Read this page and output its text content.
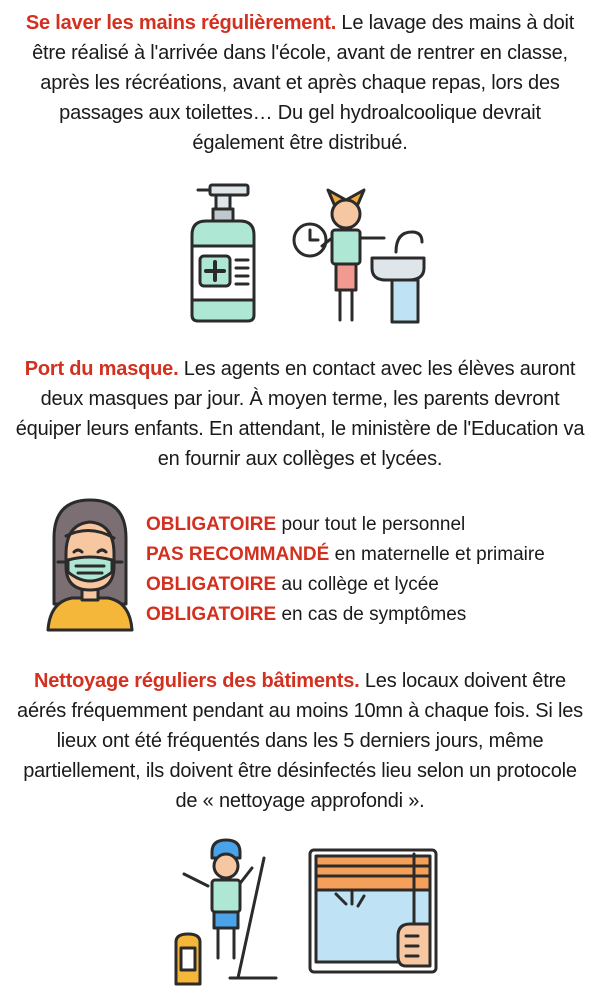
Se laver les mains régulièrement. Le lavage des mains à doit être réalisé à l'arrivée dans l'école, avant de rentrer en classe, après les récréations, avant et après chaque repas, lors des passages aux toilettes… Du gel hydroalcoolique devrait également être distribué.
Port du masque. Les agents en contact avec les élèves auront deux masques par jour. À moyen terme, les parents devront équiper leurs enfants. En attendant, le ministère de l'Education va en fournir aux collèges et lycées.
OBLIGATOIRE pour tout le personnel
PAS RECOMMANDÉ en maternelle et primaire
OBLIGATOIRE au collège et lycée
OBLIGATOIRE en cas de symptômes
Nettoyage réguliers des bâtiments. Les locaux doivent être aérés fréquemment pendant au moins 10mn à chaque fois. Si les lieux ont été fréquentés dans les 5 derniers jours, même partiellement, ils doivent être désinfectés lieu selon un protocole de « nettoyage approfondi ».
